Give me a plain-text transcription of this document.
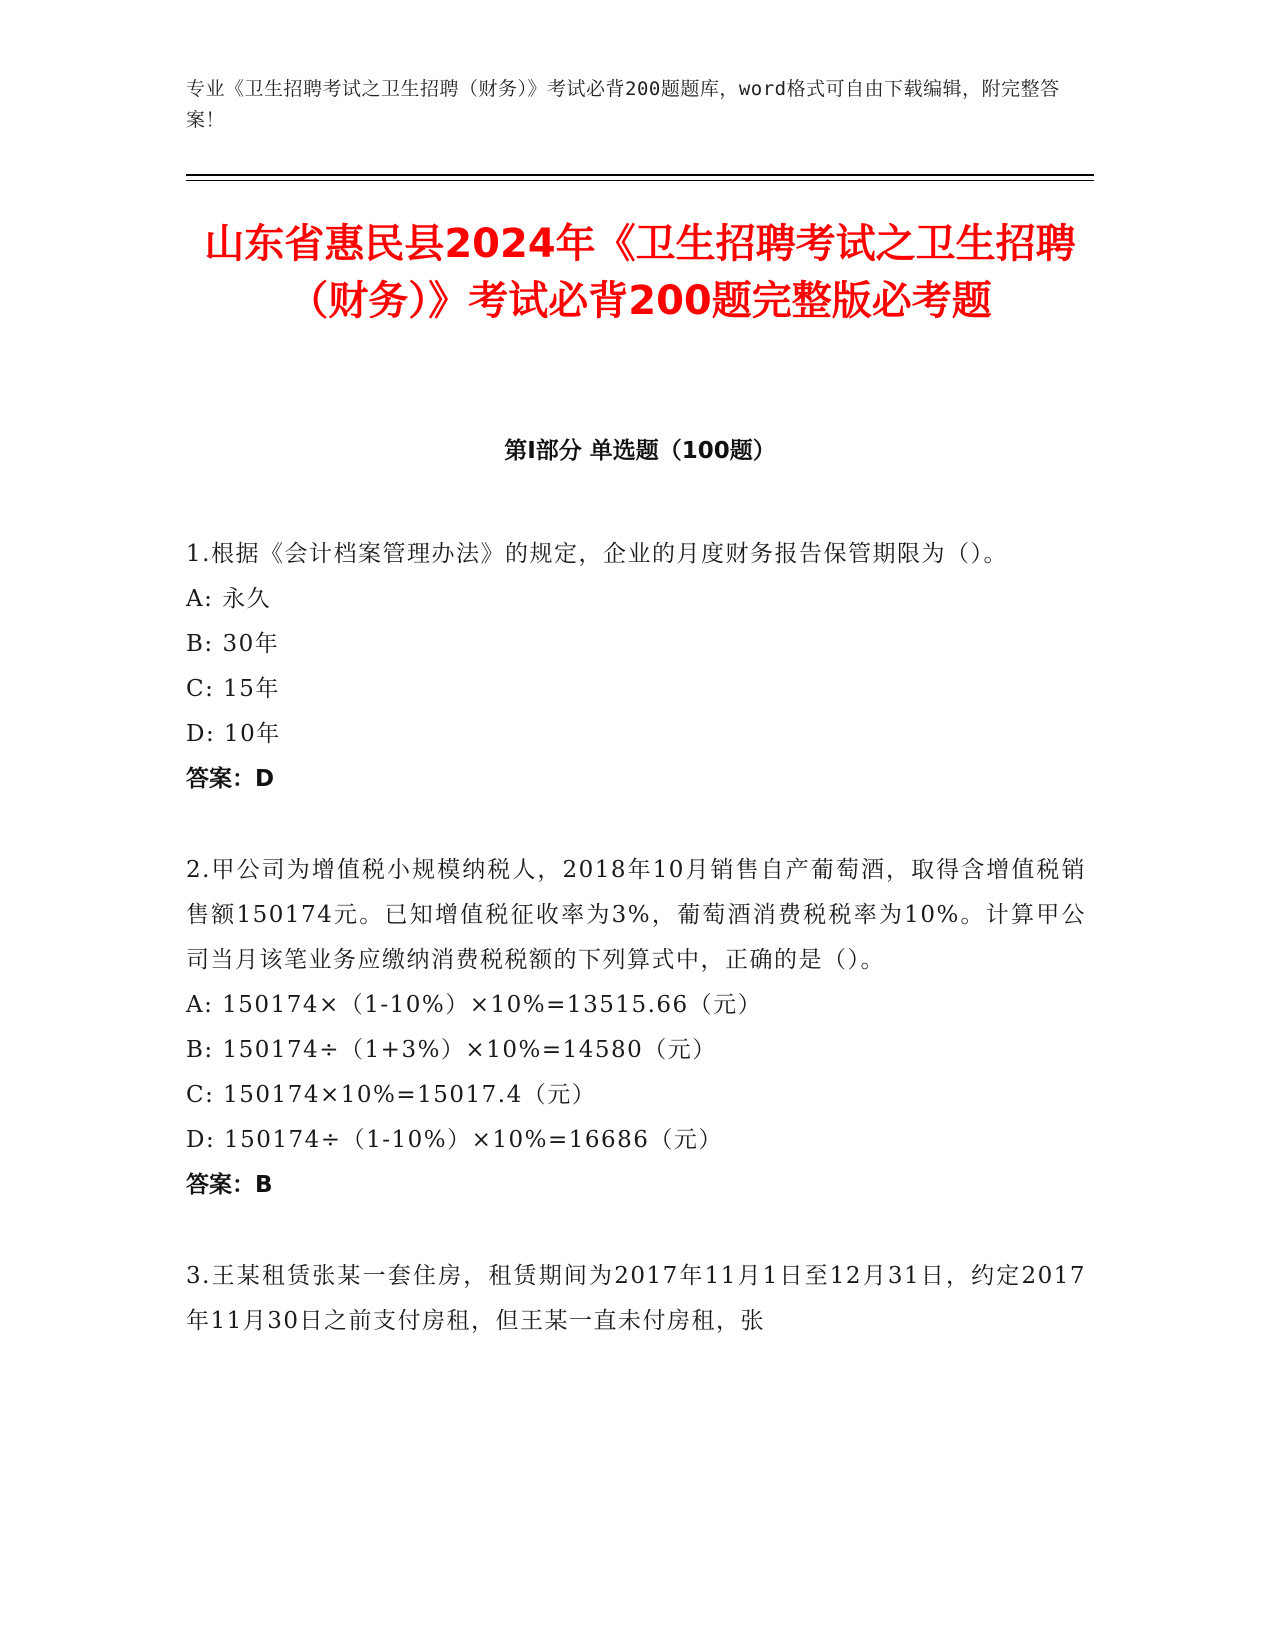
专业《卫生招聘考试之卫生招聘（财务）》考试必背200题题库，word格式可自由下载编辑，附完整答案！
山东省惠民县2024年《卫生招聘考试之卫生招聘（财务）》考试必背200题完整版必考题
第I部分 单选题（100题）
1.根据《会计档案管理办法》的规定，企业的月度财务报告保管期限为（）。
A: 永久
B: 30年
C: 15年
D: 10年
答案：D
2.甲公司为增值税小规模纳税人，2018年10月销售自产葡萄酒，取得含增值税销售额150174元。已知增值税征收率为3%，葡萄酒消费税税率为10%。计算甲公司当月该笔业务应缴纳消费税税额的下列算式中，正确的是（）。
A: 150174×（1-10%）×10%=13515.66（元）
B: 150174÷（1+3%）×10%=14580（元）
C: 150174×10%=15017.4（元）
D: 150174÷（1-10%）×10%=16686（元）
答案：B
3.王某租赁张某一套住房，租赁期间为2017年11月1日至12月31日，约定2017年11月30日之前支付房租，但王某一直未付房租，张
